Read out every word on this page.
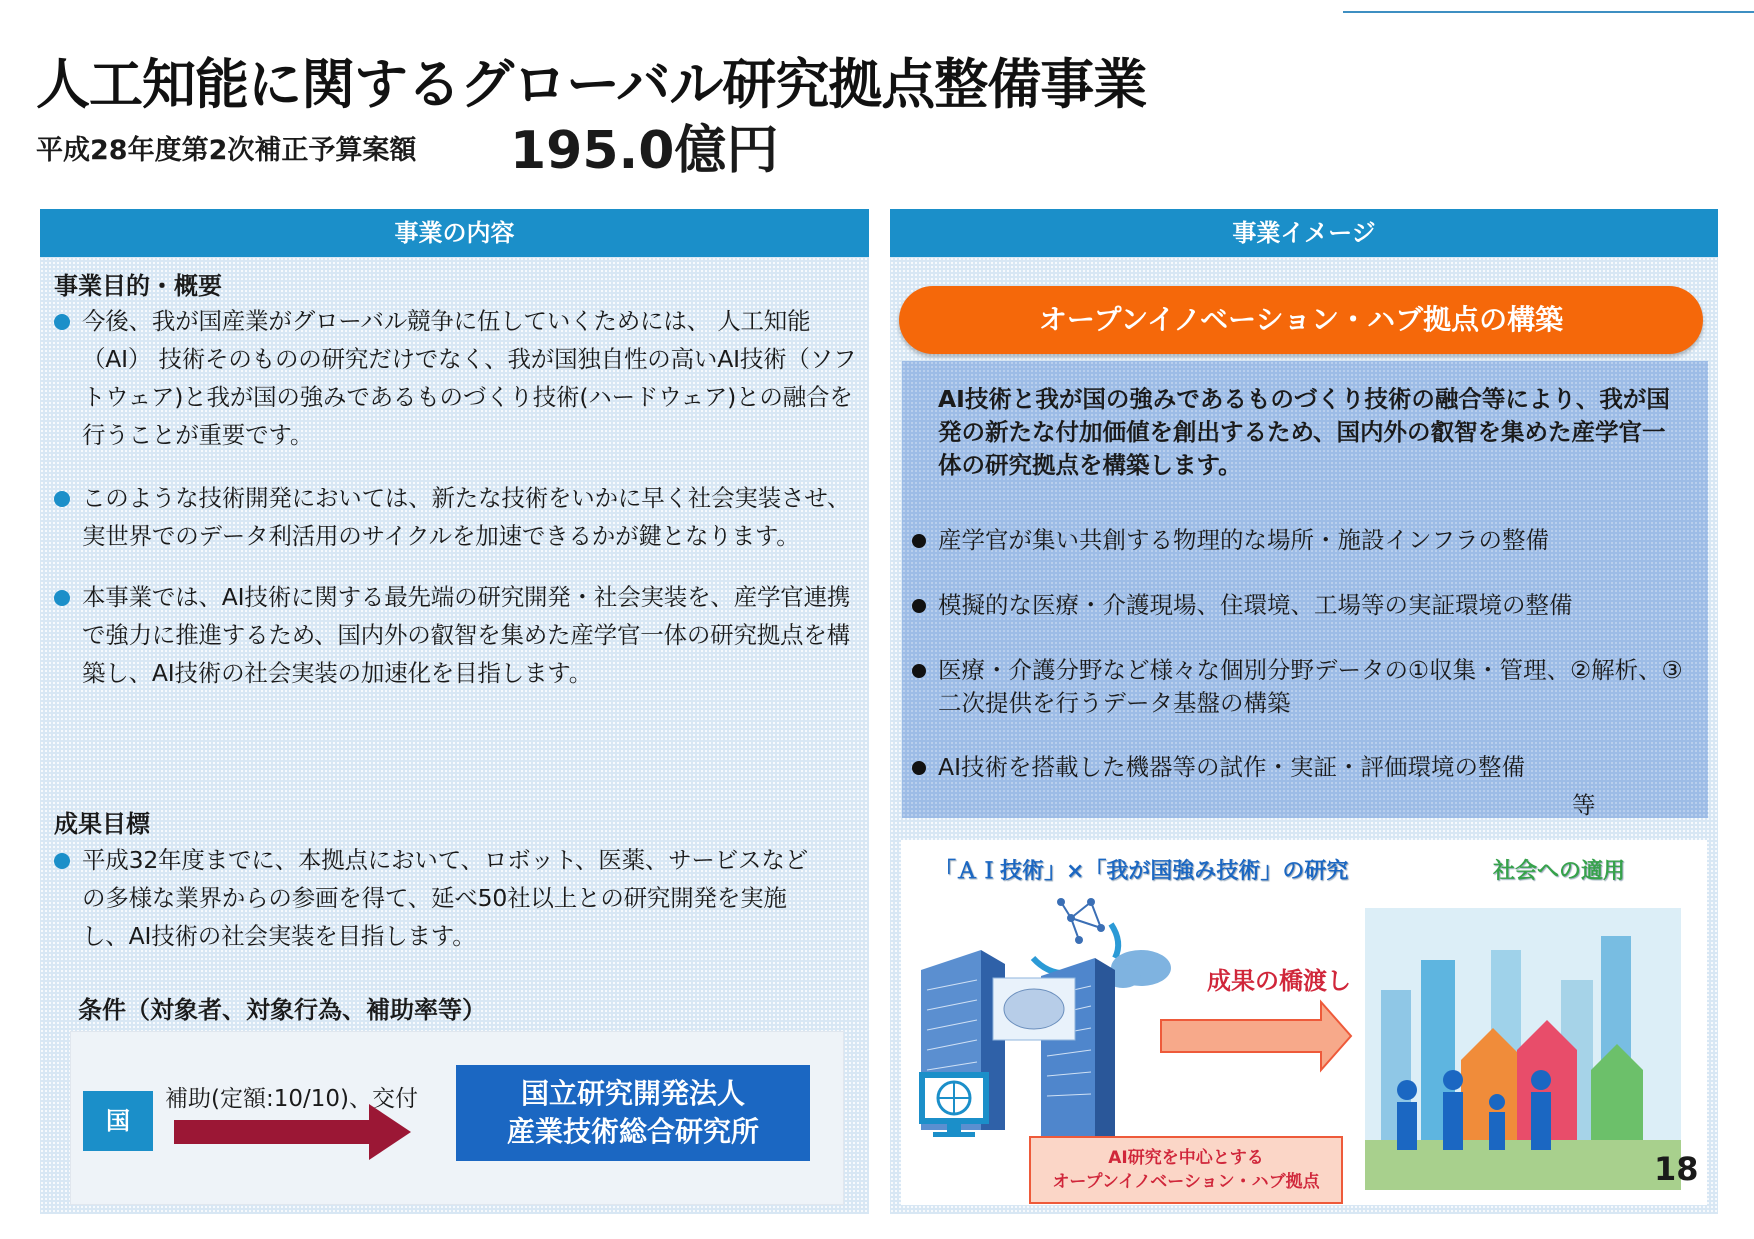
人工知能に関するグローバル研究拠点整備事業
平成28年度第2次補正予算案額 195.0億円
事業の内容
事業目的・概要
今後、我が国産業がグローバル競争に伍していくためには、 人工知能（AI） 技術そのものの研究だけでなく、我が国独自性の高いAI技術（ソフトウェア)と我が国の強みであるものづくり技術(ハードウェア)との融合を行うことが重要です。
このような技術開発においては、新たな技術をいかに早く社会実装させ、実世界でのデータ利活用のサイクルを加速できるかが鍵となります。
本事業では、AI技術に関する最先端の研究開発・社会実装を、産学官連携で強力に推進するため、国内外の叡智を集めた産学官一体の研究拠点を構築し、AI技術の社会実装の加速化を目指します。
成果目標
平成32年度までに、本拠点において、ロボット、医薬、サービスなどの多様な業界からの参画を得て、延べ50社以上との研究開発を実施し、AI技術の社会実装を目指します。
条件（対象者、対象行為、補助率等）
国
補助(定額:10/10)、交付	国立研究開発法人
産業技術総合研究所
事業イメージ
オープンイノベーション・ハブ拠点の構築
AI技術と我が国の強みであるものづくり技術の融合等により、我が国発の新たな付加価値を創出するため、国内外の叡智を集めた産学官一体の研究拠点を構築します。
産学官が集い共創する物理的な場所・施設インフラの整備
模擬的な医療・介護現場、住環境、工場等の実証環境の整備
医療・介護分野など様々な個別分野データの①収集・管理、②解析、③二次提供を行うデータ基盤の構築
AI技術を搭載した機器等の試作・実証・評価環境の整備
等
「ＡＩ技術」×「我が国強み技術」の研究	社会への適用
成果の橋渡し
AI研究を中心とする
オープンイノベーション・ハブ拠点	18
